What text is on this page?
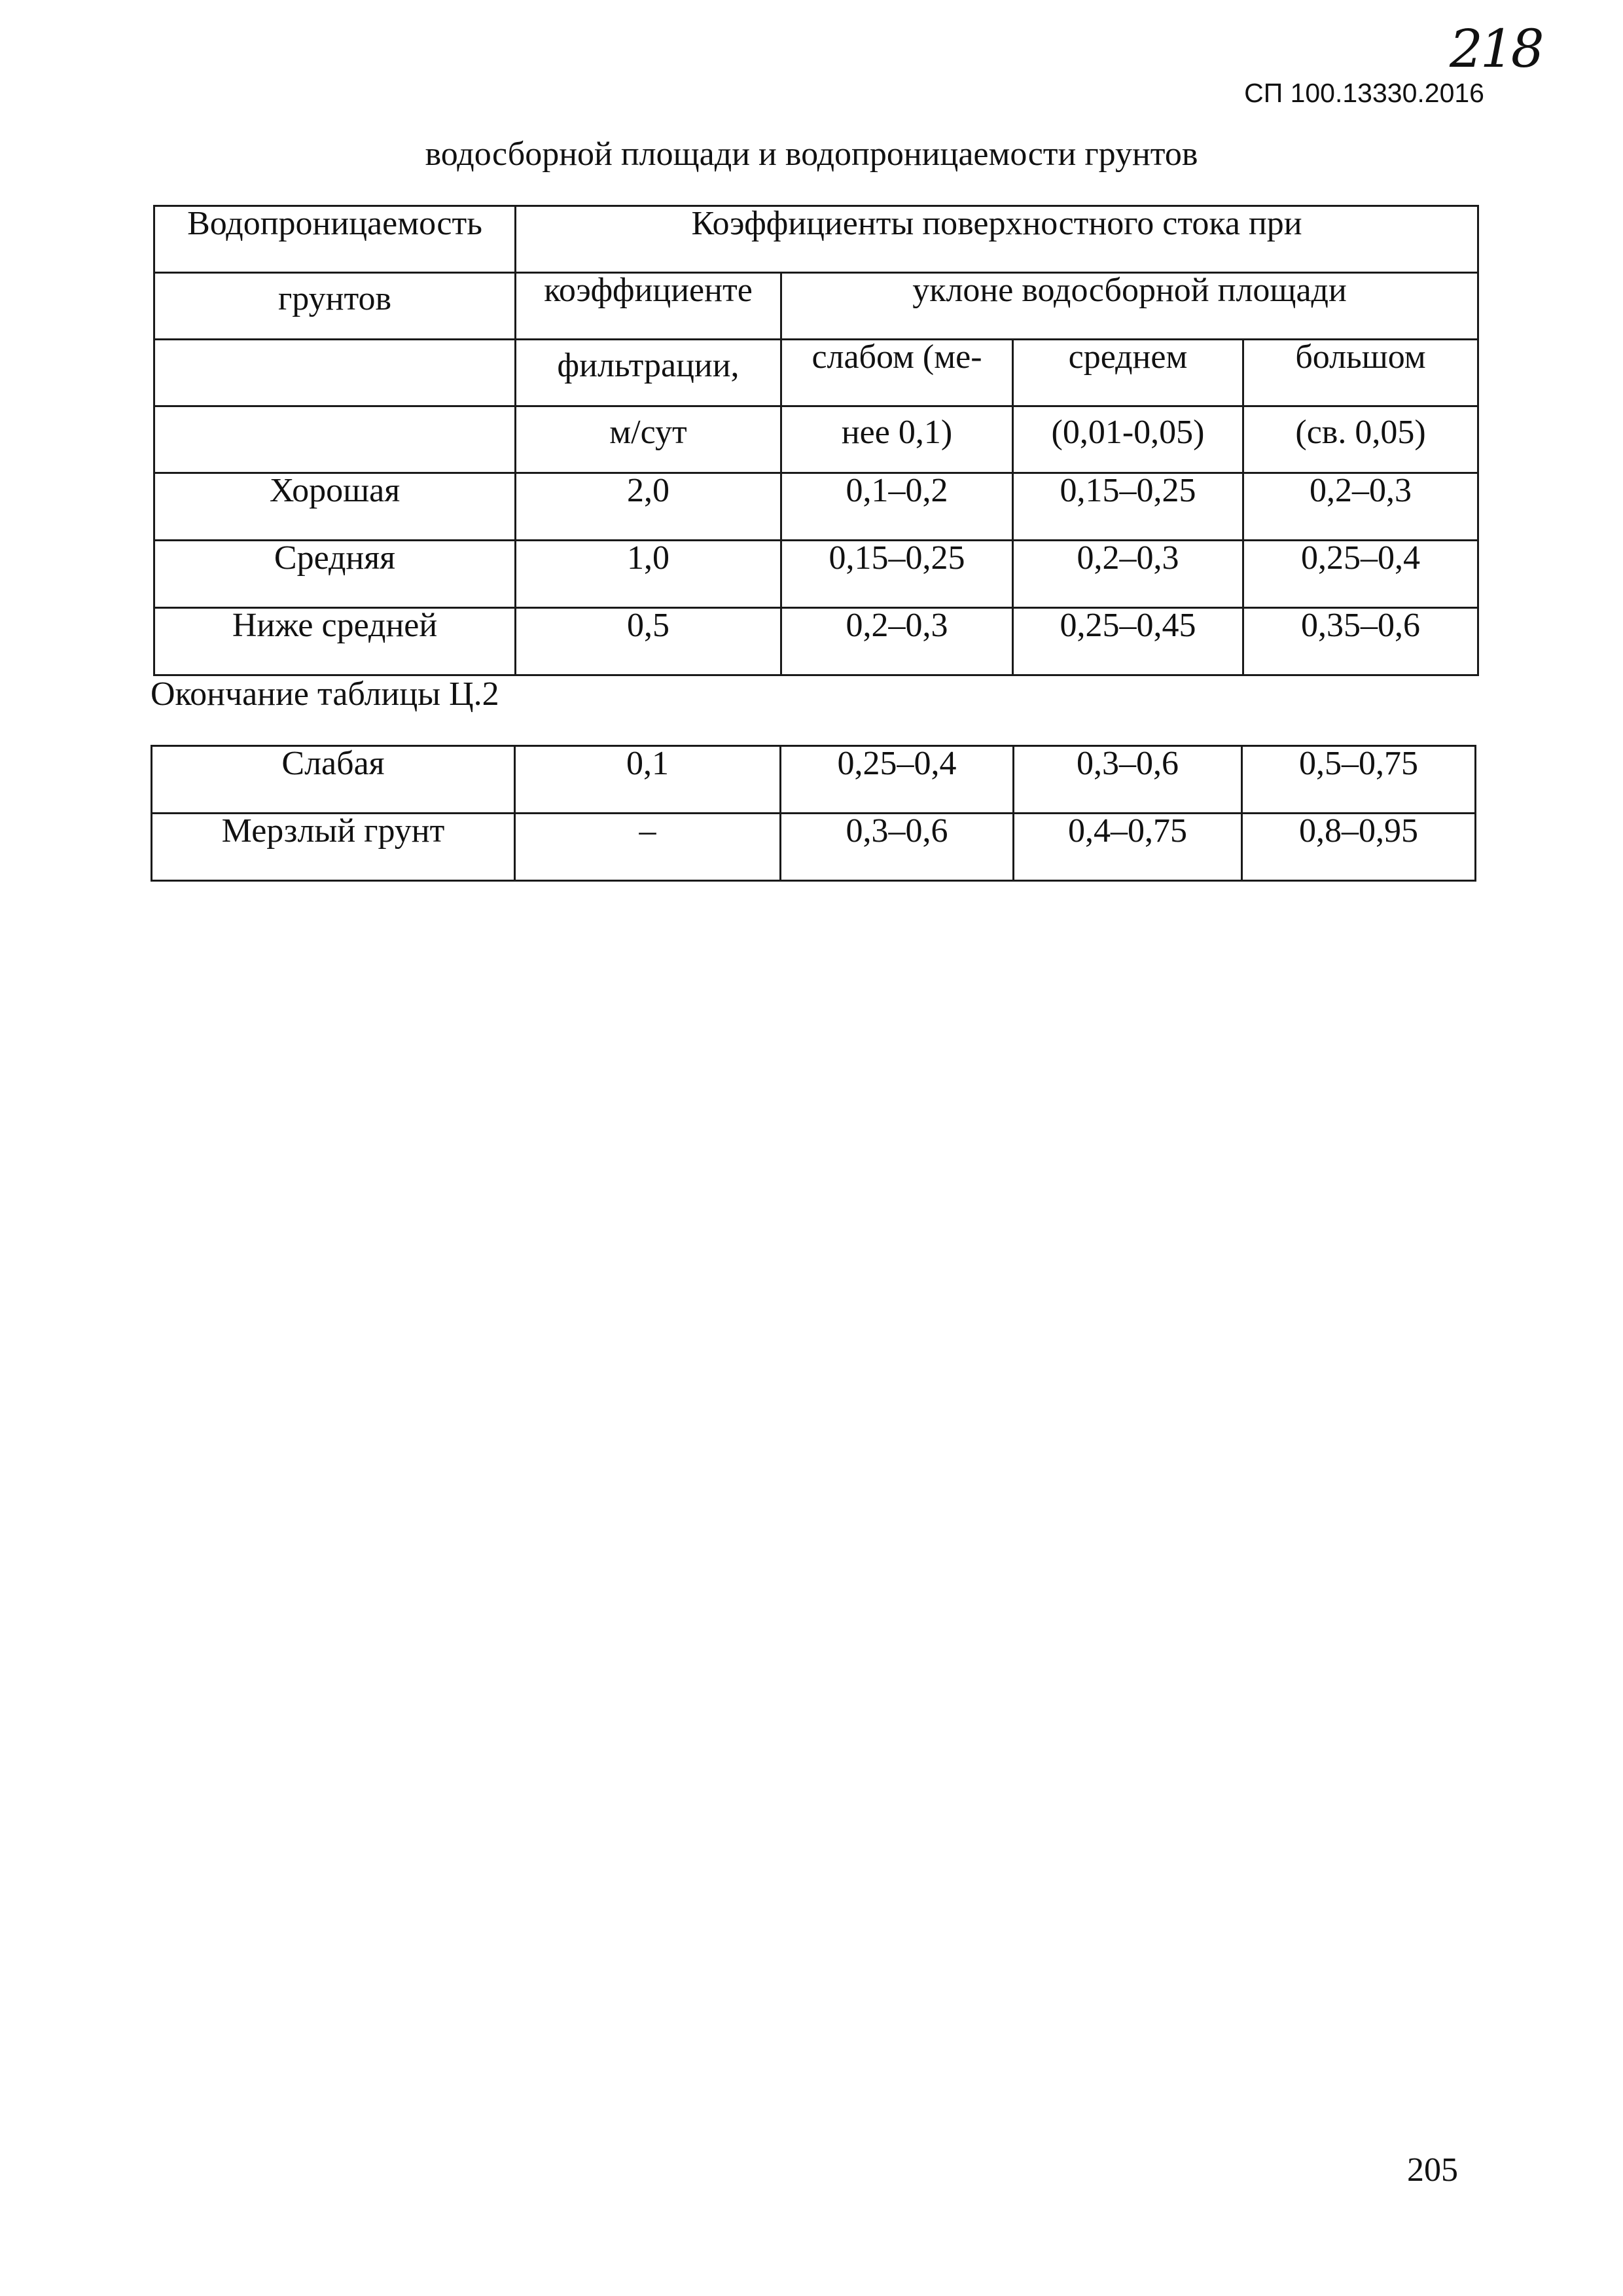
218
СП 100.13330.2016
водосборной площади и водопроницаемости грунтов
Водопроницаемость	Коэффициенты поверхностного стока при			
грунтов	коэффициенте	уклоне водосборной площади		
	фильтрации,	слабом (ме-	среднем	большом
	м/сут	нее 0,1)	(0,01-0,05)	(св. 0,05)
Хорошая	2,0	0,1–0,2	0,15–0,25	0,2–0,3
Средняя	1,0	0,15–0,25	0,2–0,3	0,25–0,4
Ниже средней	0,5	0,2–0,3	0,25–0,45	0,35–0,6
Окончание таблицы Ц.2
Слабая	0,1	0,25–0,4	0,3–0,6	0,5–0,75
Мерзлый грунт	–	0,3–0,6	0,4–0,75	0,8–0,95
205
